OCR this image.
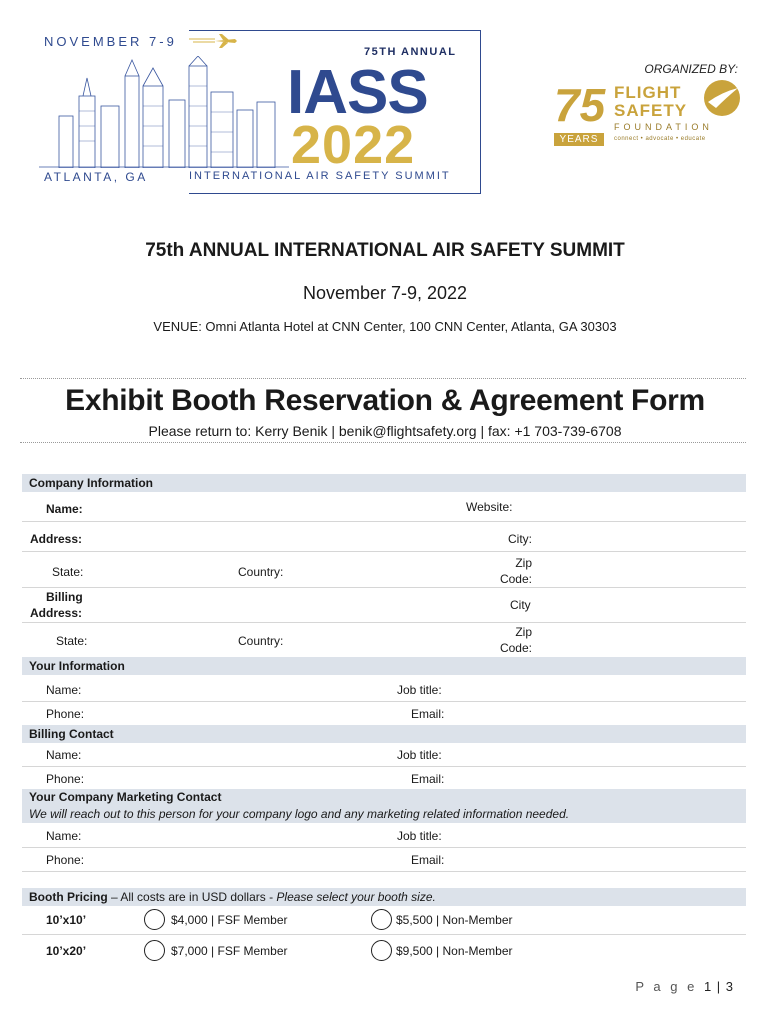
NOVEMBER 7-9
75TH ANNUAL
IASS
2022
ATLANTA, GA	INTERNATIONAL AIR SAFETY SUMMIT
ORGANIZED BY:
75
YEARS
FLIGHT
SAFETY
FOUNDATION
connect • advocate • educate
75th ANNUAL INTERNATIONAL AIR SAFETY SUMMIT
November 7-9, 2022
VENUE: Omni Atlanta Hotel at CNN Center, 100 CNN Center, Atlanta, GA 30303
Exhibit Booth Reservation & Agreement Form
Please return to: Kerry Benik | benik@flightsafety.org | fax: +1 703-739-6708
Company Information
Name:	Website:
Address:	City:
State:	Country:
Zip
Code:
Billing
Address:
City
State:	Country:
Zip
Code:
Your Information
Name:	Job title:
Phone:	Email:
Billing Contact
Name:	Job title:
Phone:	Email:
Your Company Marketing Contact
We will reach out to this person for your company logo and any marketing related information needed.
Name:	Job title:
Phone:	Email:
Booth Pricing – All costs are in USD dollars - Please select your booth size.
10’x10’	$4,000 | FSF Member	$5,500 | Non-Member
10’x20’	$7,000 | FSF Member	$9,500 | Non-Member
P a g e 1 | 3
